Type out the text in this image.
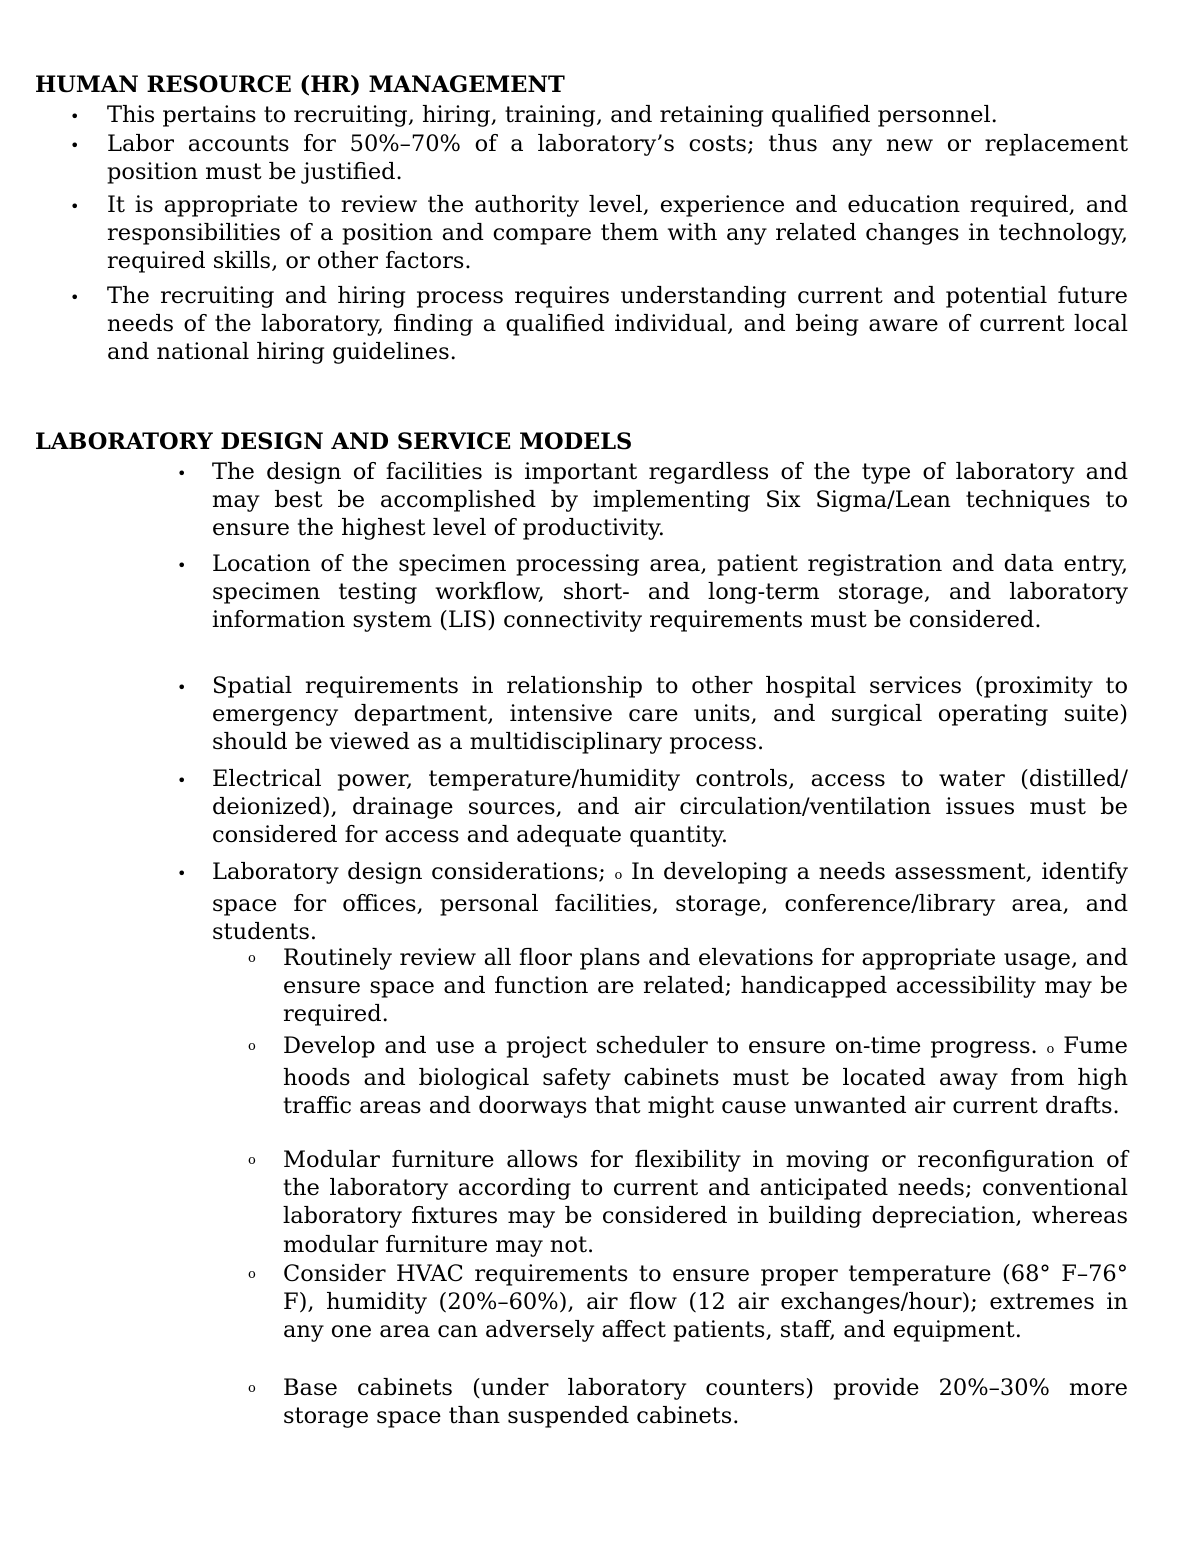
HUMAN RESOURCE (HR) MANAGEMENT
• This pertains to recruiting, hiring, training, and retaining qualified personnel.

• Labor accounts for 50%–70% of a laboratory’s costs; thus any new or replacement position must be justified.

• It is appropriate to review the authority level, experience and education required, and responsibilities of a position and compare them with any related changes in technology, required skills, or other factors.

• The recruiting and hiring process requires understanding current and potential future needs of the laboratory, finding a qualified individual, and being aware of current local and national hiring guidelines.

LABORATORY DESIGN AND SERVICE MODELS
• The design of facilities is important regardless of the type of laboratory and may best be accomplished by implementing Six Sigma/Lean techniques to ensure the highest level of productivity.

• Location of the specimen processing area, patient registration and data entry, specimen testing workflow, short- and long-term storage, and laboratory information system (LIS) connectivity requirements must be considered.

• Spatial requirements in relationship to other hospital services (proximity to emergency department, intensive care units, and surgical operating suite) should be viewed as a multidisciplinary process.

• Electrical power, temperature/humidity controls, access to water (distilled/ deionized), drainage sources, and air circulation/ventilation issues must be considered for access and adequate quantity.

• Laboratory design considerations; o In developing a needs assessment, identify space for offices, personal facilities, storage, conference/library area, and students.

o Routinely review all floor plans and elevations for appropriate usage, and ensure space and function are related; handicapped accessibility may be required.

o Develop and use a project scheduler to ensure on-time progress. o Fume hoods and biological safety cabinets must be located away from high traffic areas and doorways that might cause unwanted air current drafts.

o Modular furniture allows for flexibility in moving or reconfiguration of the laboratory according to current and anticipated needs; conventional laboratory fixtures may be considered in building depreciation, whereas modular furniture may not.

o Consider HVAC requirements to ensure proper temperature (68° F–76° F), humidity (20%–60%), air flow (12 air exchanges/hour); extremes in any one area can adversely affect patients, staff, and equipment.

o Base cabinets (under laboratory counters) provide 20%–30% more storage space than suspended cabinets.
